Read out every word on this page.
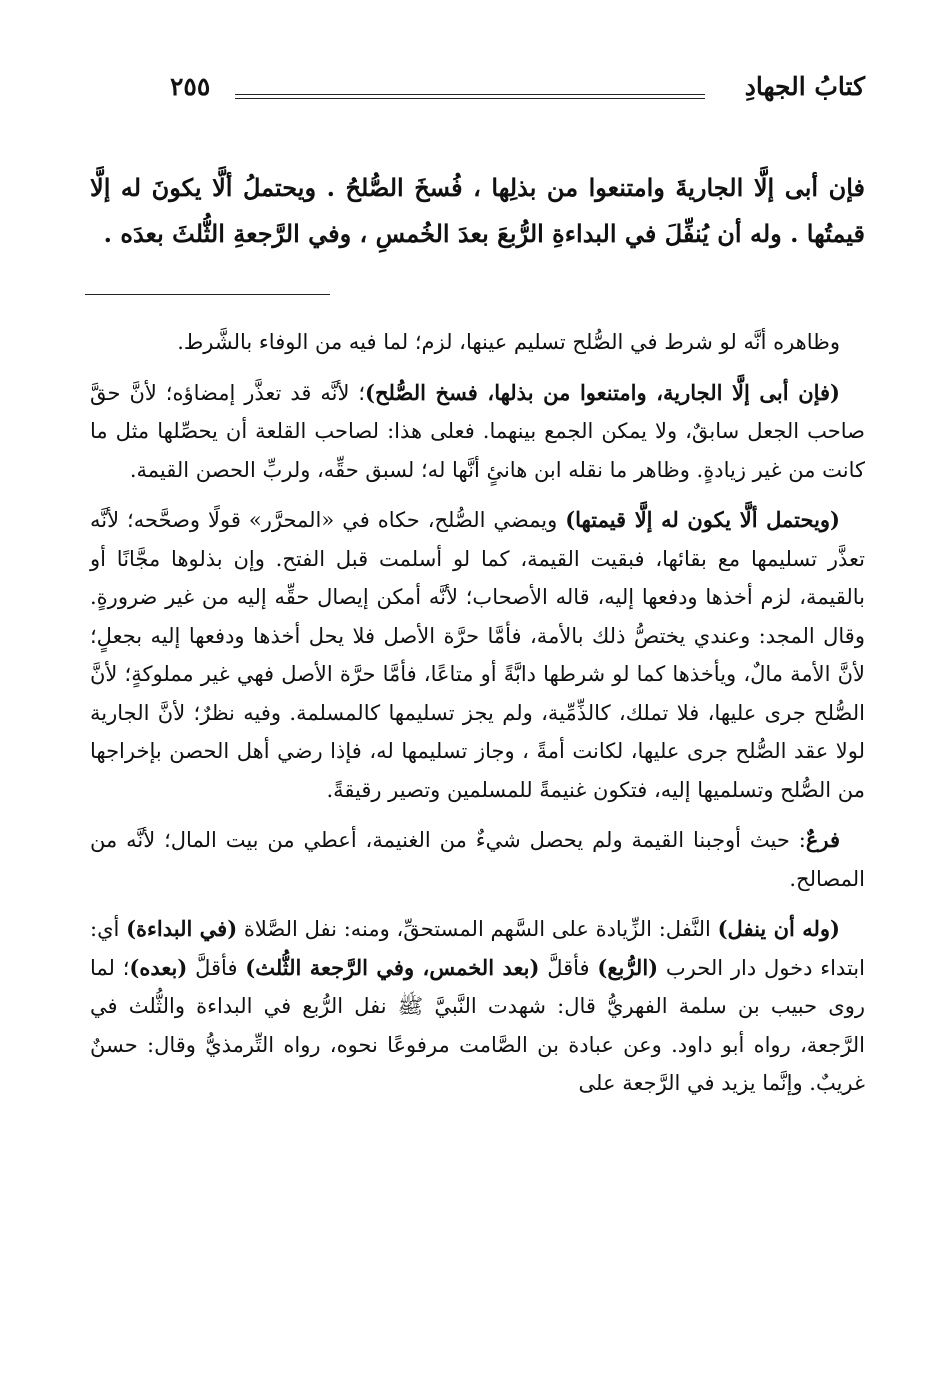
كتابُ الجهادِ
٢٥٥
فإن أبى إلَّا الجاريةَ وامتنعوا من بذلِها ، فُسخَ الصُّلحُ . ويحتملُ ألَّا يكونَ له إلَّا قيمتُها . وله أن يُنفِّلَ في البداءةِ الرُّبعَ بعدَ الخُمسِ ، وفي الرَّجعةِ الثُّلثَ بعدَه .

وظاهره أنَّه لو شرط في الصُّلح تسليم عينها، لزم؛ لما فيه من الوفاء بالشَّرط.

(فإن أبى إلَّا الجارية، وامتنعوا من بذلها، فسخ الصُّلح)؛ لأنَّه قد تعذَّر إمضاؤه؛ لأنَّ حقَّ صاحب الجعل سابقٌ، ولا يمكن الجمع بينهما. فعلى هذا: لصاحب القلعة أن يحصِّلها مثل ما كانت من غير زيادةٍ. وظاهر ما نقله ابن هانئٍ أنَّها له؛ لسبق حقِّه، ولربِّ الحصن القيمة.

(ويحتمل ألَّا يكون له إلَّا قيمتها) ويمضي الصُّلح، حكاه في «المحرَّر» قولًا وصحَّحه؛ لأنَّه تعذَّر تسليمها مع بقائها، فبقيت القيمة، كما لو أسلمت قبل الفتح. وإن بذلوها مجَّانًا أو بالقيمة، لزم أخذها ودفعها إليه، قاله الأصحاب؛ لأنَّه أمكن إيصال حقِّه إليه من غير ضرورةٍ. وقال المجد: وعندي يختصُّ ذلك بالأمة، فأمَّا حرَّة الأصل فلا يحل أخذها ودفعها إليه بجعلٍ؛ لأنَّ الأمة مالٌ، ويأخذها كما لو شرطها دابَّةً أو متاعًا، فأمَّا حرَّة الأصل فهي غير مملوكةٍ؛ لأنَّ الصُّلح جرى عليها، فلا تملك، كالذِّمِّية، ولم يجز تسليمها كالمسلمة. وفيه نظرٌ؛ لأنَّ الجارية لولا عقد الصُّلح جرى عليها، لكانت أمةً ، وجاز تسليمها له، فإذا رضي أهل الحصن بإخراجها من الصُّلح وتسلميها إليه، فتكون غنيمةً للمسلمين وتصير رقيقةً.

فرعٌ: حيث أوجبنا القيمة ولم يحصل شيءٌ من الغنيمة، أعطي من بيت المال؛ لأنَّه من المصالح.

(وله أن ينفل) النَّفل: الزِّيادة على السَّهم المستحقِّ، ومنه: نفل الصَّلاة (في البداءة) أي: ابتداء دخول دار الحرب (الرُّبع) فأقلَّ (بعد الخمس، وفي الرَّجعة الثُّلث) فأقلَّ (بعده)؛ لما روى حبيب بن سلمة الفهريُّ قال: شهدت النَّبيَّ ﷺ نفل الرُّبع في البداءة والثُّلث في الرَّجعة، رواه أبو داود. وعن عبادة بن الصَّامت مرفوعًا نحوه، رواه التِّرمذيُّ وقال: حسنٌ غريبٌ. وإنَّما يزيد في الرَّجعة على
